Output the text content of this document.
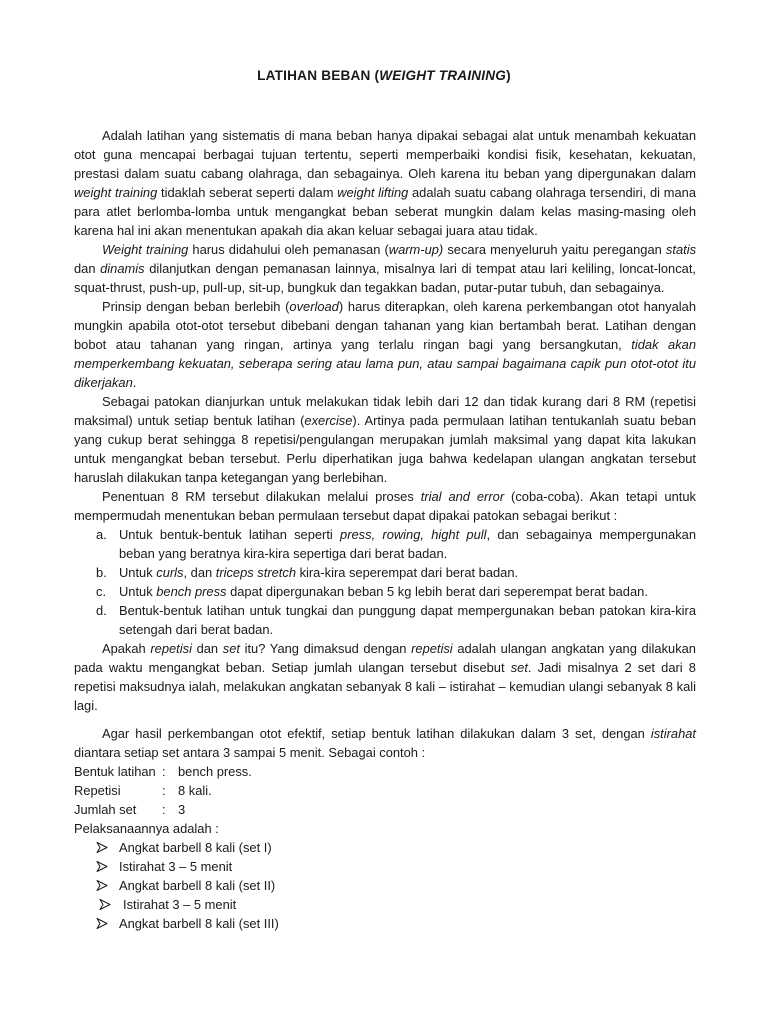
LATIHAN BEBAN (WEIGHT TRAINING)

Adalah latihan yang sistematis di mana beban hanya dipakai sebagai alat untuk menambah kekuatan otot guna mencapai berbagai tujuan tertentu, seperti memperbaiki kondisi fisik, kesehatan, kekuatan, prestasi dalam suatu cabang olahraga, dan sebagainya. Oleh karena itu beban yang dipergunakan dalam weight training tidaklah seberat seperti dalam weight lifting adalah suatu cabang olahraga tersendiri, di mana para atlet berlomba-lomba untuk mengangkat beban seberat mungkin dalam kelas masing-masing oleh karena hal ini akan menentukan apakah dia akan keluar sebagai juara atau tidak.

Weight training harus didahului oleh pemanasan (warm-up) secara menyeluruh yaitu peregangan statis dan dinamis dilanjutkan dengan pemanasan lainnya, misalnya lari di tempat atau lari keliling, loncat-loncat, squat-thrust, push-up, pull-up, sit-up, bungkuk dan tegakkan badan, putar-putar tubuh, dan sebagainya.

Prinsip dengan beban berlebih (overload) harus diterapkan, oleh karena perkembangan otot hanyalah mungkin apabila otot-otot tersebut dibebani dengan tahanan yang kian bertambah berat. Latihan dengan bobot atau tahanan yang ringan, artinya yang terlalu ringan bagi yang bersangkutan, tidak akan memperkembang kekuatan, seberapa sering atau lama pun, atau sampai bagaimana capik pun otot-otot itu dikerjakan.

Sebagai patokan dianjurkan untuk melakukan tidak lebih dari 12 dan tidak kurang dari 8 RM (repetisi maksimal) untuk setiap bentuk latihan (exercise). Artinya pada permulaan latihan tentukanlah suatu beban yang cukup berat sehingga 8 repetisi/pengulangan merupakan jumlah maksimal yang dapat kita lakukan untuk mengangkat beban tersebut. Perlu diperhatikan juga bahwa kedelapan ulangan angkatan tersebut haruslah dilakukan tanpa ketegangan yang berlebihan.

Penentuan 8 RM tersebut dilakukan melalui proses trial and error (coba-coba). Akan tetapi untuk mempermudah menentukan beban permulaan tersebut dapat dipakai patokan sebagai berikut :

a. Untuk bentuk-bentuk latihan seperti press, rowing, hight pull, dan sebagainya mempergunakan beban yang beratnya kira-kira sepertiga dari berat badan.
b. Untuk curls, dan triceps stretch kira-kira seperempat dari berat badan.
c. Untuk bench press dapat dipergunakan beban 5 kg lebih berat dari seperempat berat badan.
d. Bentuk-bentuk latihan untuk tungkai dan punggung dapat mempergunakan beban patokan kira-kira setengah dari berat badan.

Apakah repetisi dan set itu? Yang dimaksud dengan repetisi adalah ulangan angkatan yang dilakukan pada waktu mengangkat beban. Setiap jumlah ulangan tersebut disebut set. Jadi misalnya 2 set dari 8 repetisi maksudnya ialah, melakukan angkatan sebanyak 8 kali – istirahat – kemudian ulangi sebanyak 8 kali lagi.

Agar hasil perkembangan otot efektif, setiap bentuk latihan dilakukan dalam 3 set, dengan istirahat diantara setiap set antara 3 sampai 5 menit. Sebagai contoh :

Bentuk latihan : bench press.
Repetisi	: 8 kali.
Jumlah set	: 3

Pelaksanaannya adalah :

Angkat barbell 8 kali (set I)
Istirahat 3 – 5 menit
Angkat barbell 8 kali (set II)
Istirahat 3 – 5 menit
Angkat barbell 8 kali (set III)
